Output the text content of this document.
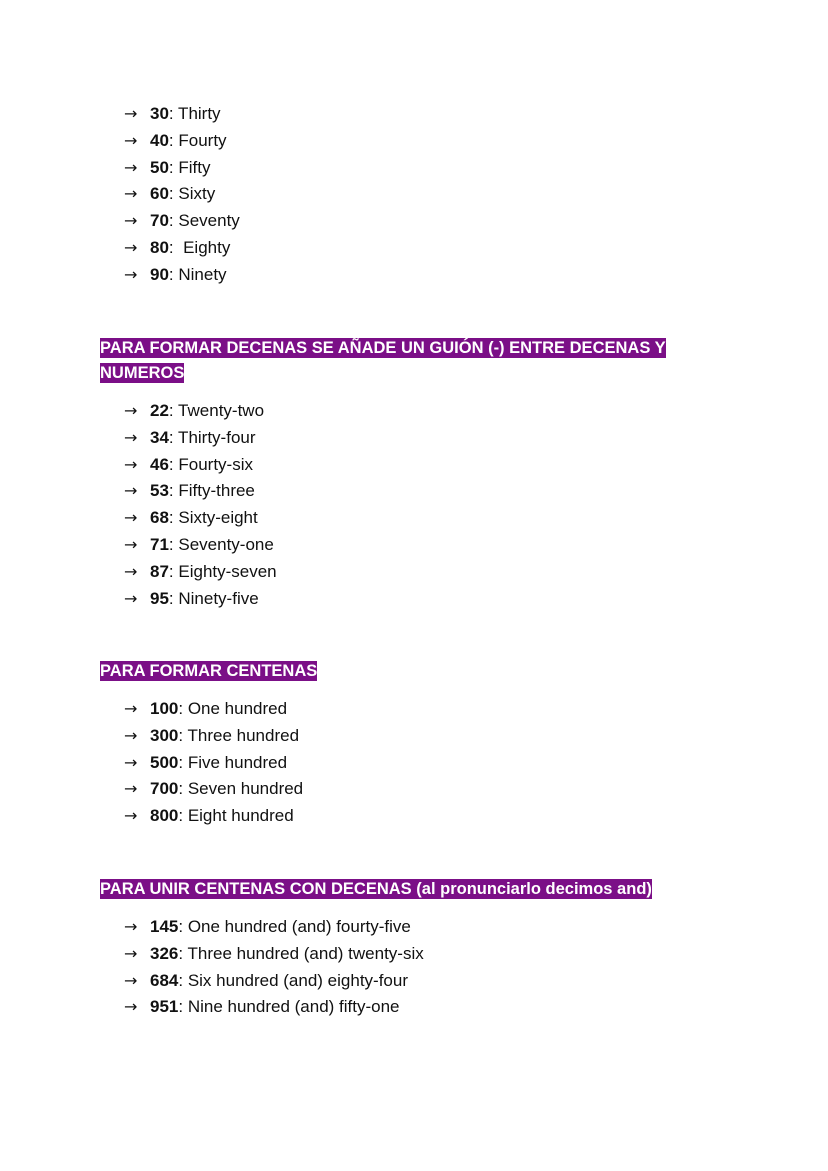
→ 30: Thirty
→ 40: Fourty
→ 50: Fifty
→ 60: Sixty
→ 70: Seventy
→ 80:  Eighty
→ 90: Ninety
PARA FORMAR DECENAS SE AÑADE UN GUIÓN (-) ENTRE DECENAS Y NUMEROS
→ 22: Twenty-two
→ 34: Thirty-four
→ 46: Fourty-six
→ 53: Fifty-three
→ 68: Sixty-eight
→ 71: Seventy-one
→ 87: Eighty-seven
→ 95: Ninety-five
PARA FORMAR CENTENAS
→ 100: One hundred
→ 300: Three hundred
→ 500: Five hundred
→ 700: Seven hundred
→ 800: Eight hundred
PARA UNIR CENTENAS CON DECENAS (al pronunciarlo decimos and)
→ 145: One hundred (and) fourty-five
→ 326: Three hundred (and) twenty-six
→ 684: Six hundred (and) eighty-four
→ 951: Nine hundred (and) fifty-one
